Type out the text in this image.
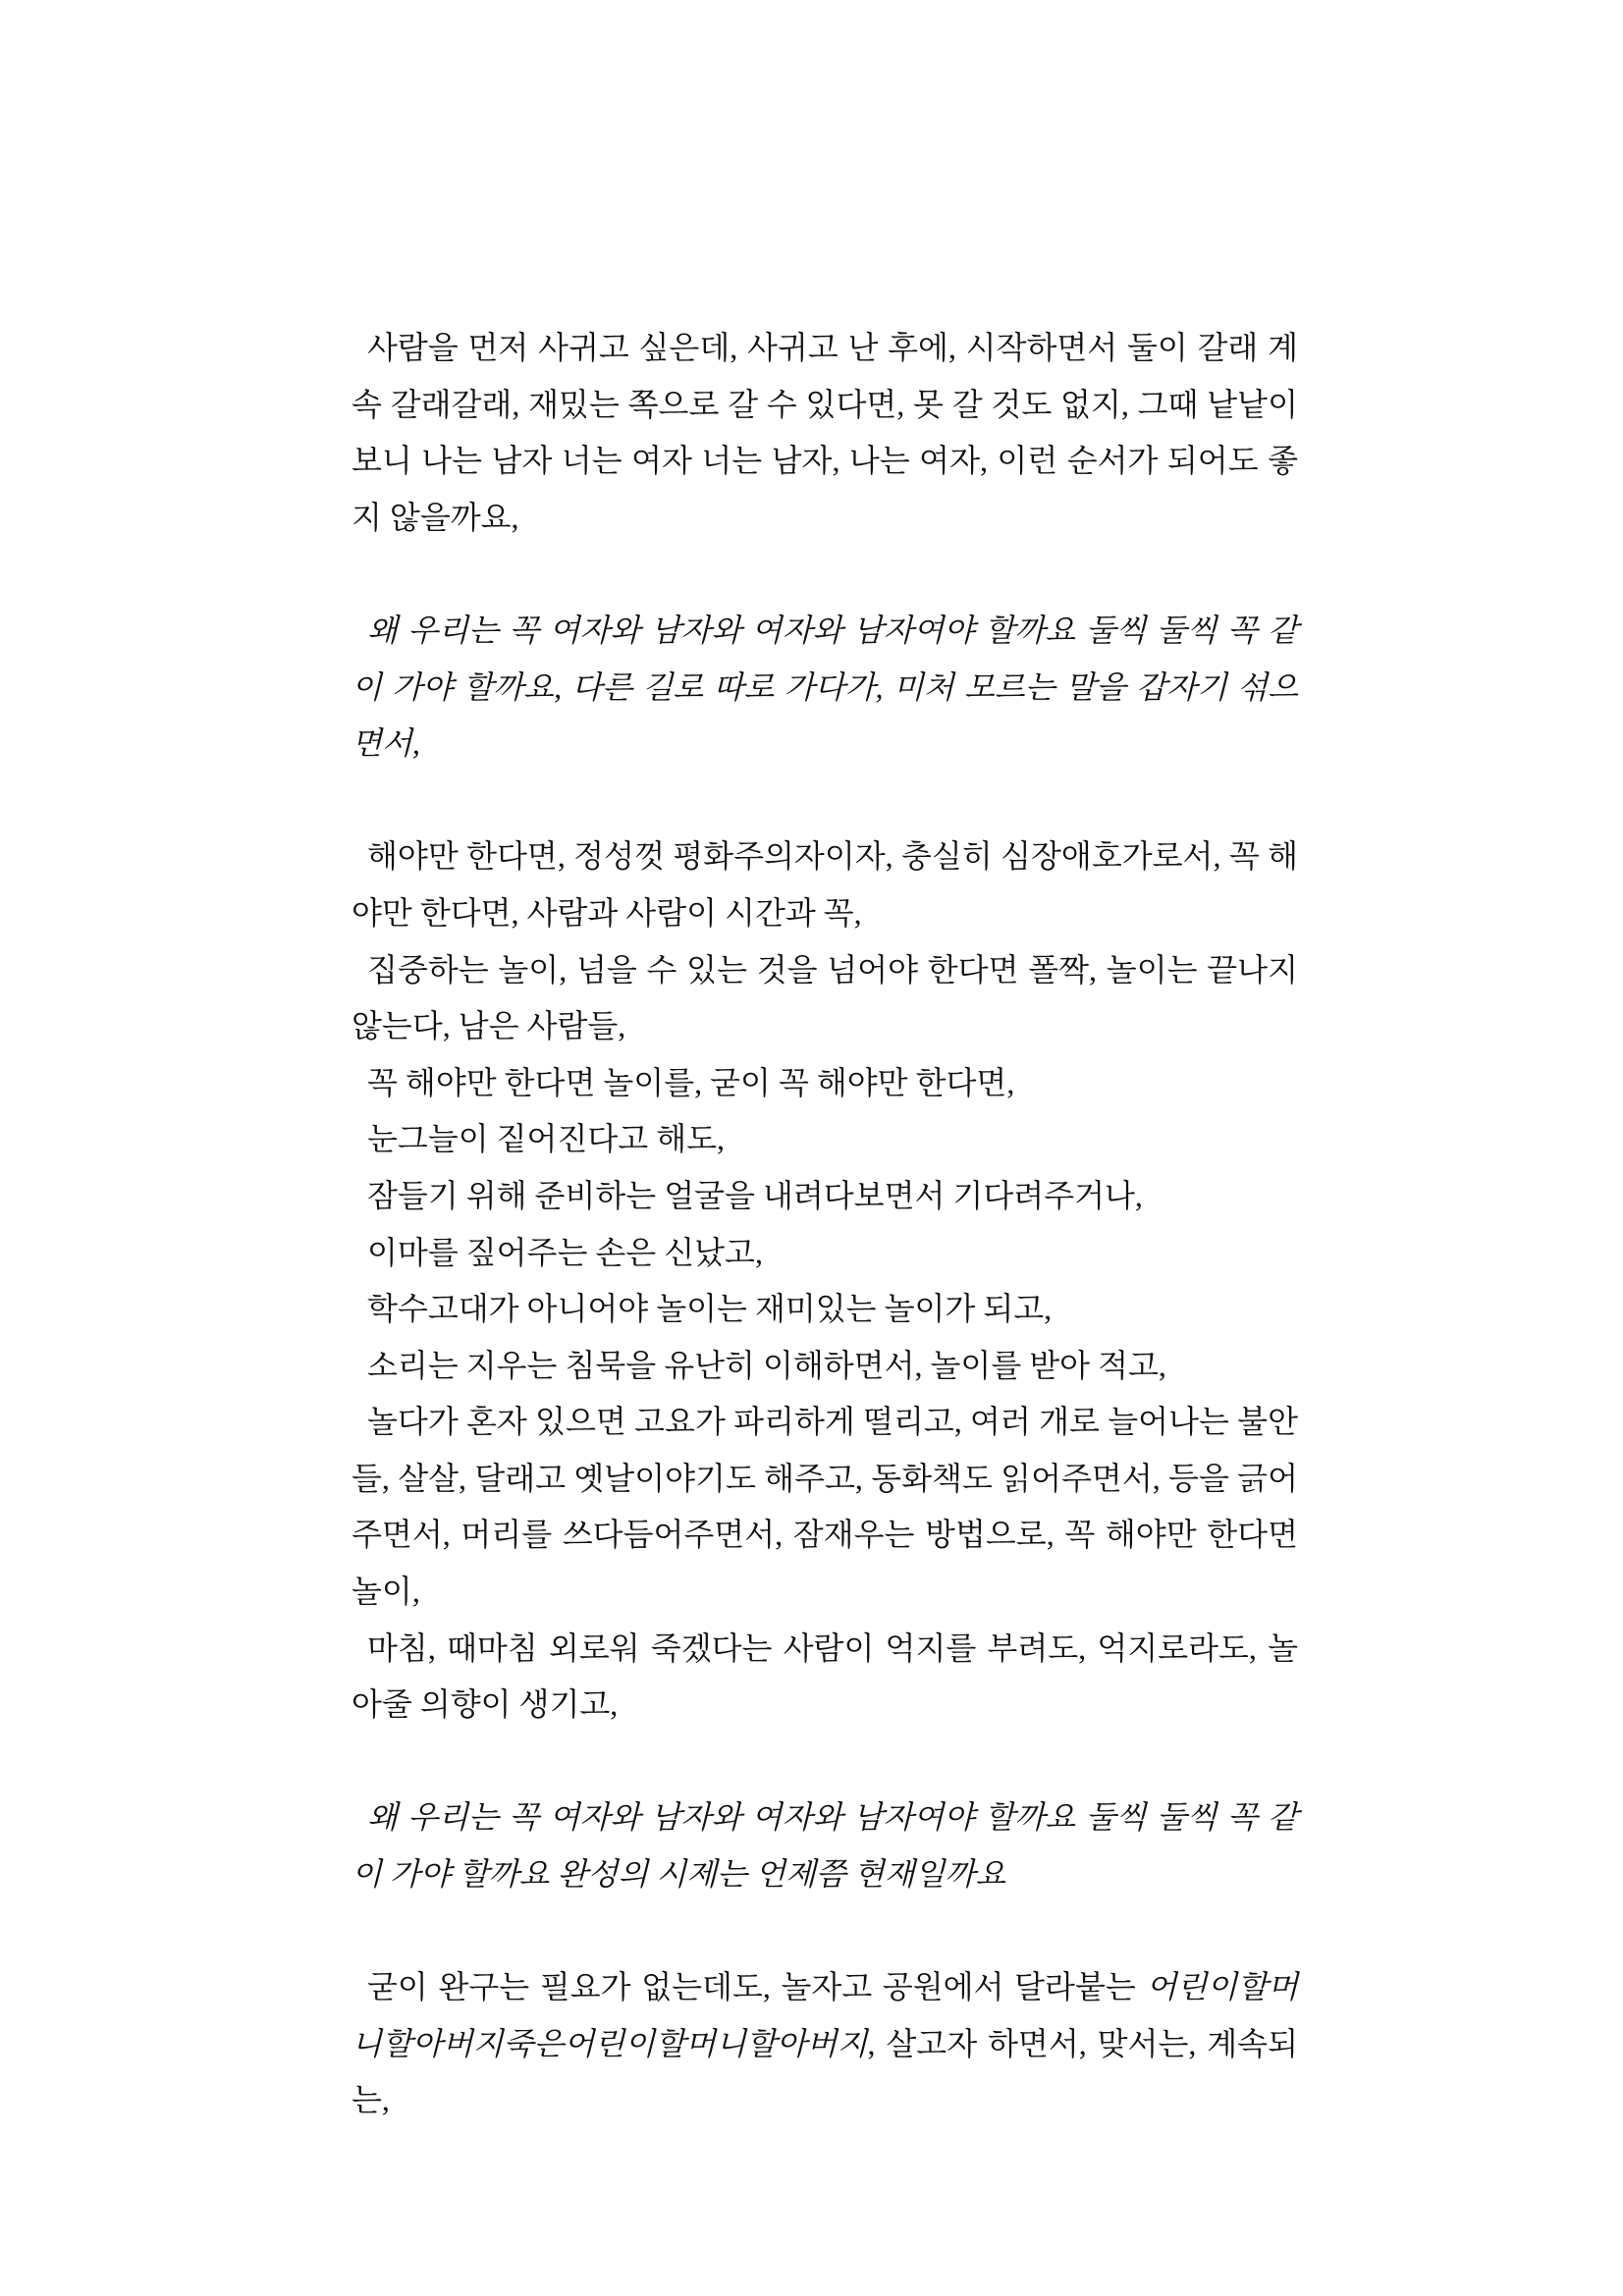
사람을 먼저 사귀고 싶은데, 사귀고 난 후에, 시작하면서 둘이 갈래 계속 갈래갈래, 재밌는 쪽으로 갈 수 있다면, 못 갈 것도 없지, 그때 낱낱이 보니 나는 남자 너는 여자 너는 남자, 나는 여자, 이런 순서가 되어도 좋지 않을까요,

왜 우리는 꼭 여자와 남자와 여자와 남자여야 할까요 둘씩 둘씩 꼭 같이 가야 할까요, 다른 길로 따로 가다가, 미처 모르는 말을 갑자기 섞으면서,

해야만 한다면, 정성껏 평화주의자이자, 충실히 심장애호가로서, 꼭 해야만 한다면, 사람과 사람이 시간과 꼭,

집중하는 놀이, 넘을 수 있는 것을 넘어야 한다면 폴짝, 놀이는 끝나지 않는다, 남은 사람들,

꼭 해야만 한다면 놀이를, 굳이 꼭 해야만 한다면,

눈그늘이 짙어진다고 해도,

잠들기 위해 준비하는 얼굴을 내려다보면서 기다려주거나,

이마를 짚어주는 손은 신났고,

학수고대가 아니어야 놀이는 재미있는 놀이가 되고,

소리는 지우는 침묵을 유난히 이해하면서, 놀이를 받아 적고,

놀다가 혼자 있으면 고요가 파리하게 떨리고, 여러 개로 늘어나는 불안들, 살살, 달래고 옛날이야기도 해주고, 동화책도 읽어주면서, 등을 긁어주면서, 머리를 쓰다듬어주면서, 잠재우는 방법으로, 꼭 해야만 한다면 놀이,

마침, 때마침 외로워 죽겠다는 사람이 억지를 부려도, 억지로라도, 놀아줄 의향이 생기고,

왜 우리는 꼭 여자와 남자와 여자와 남자여야 할까요 둘씩 둘씩 꼭 같이 가야 할까요 완성의 시제는 언제쯤 현재일까요

굳이 완구는 필요가 없는데도, 놀자고 공원에서 달라붙는 어린이할머니할아버지죽은어린이할머니할아버지, 살고자 하면서, 맞서는, 계속되는,
